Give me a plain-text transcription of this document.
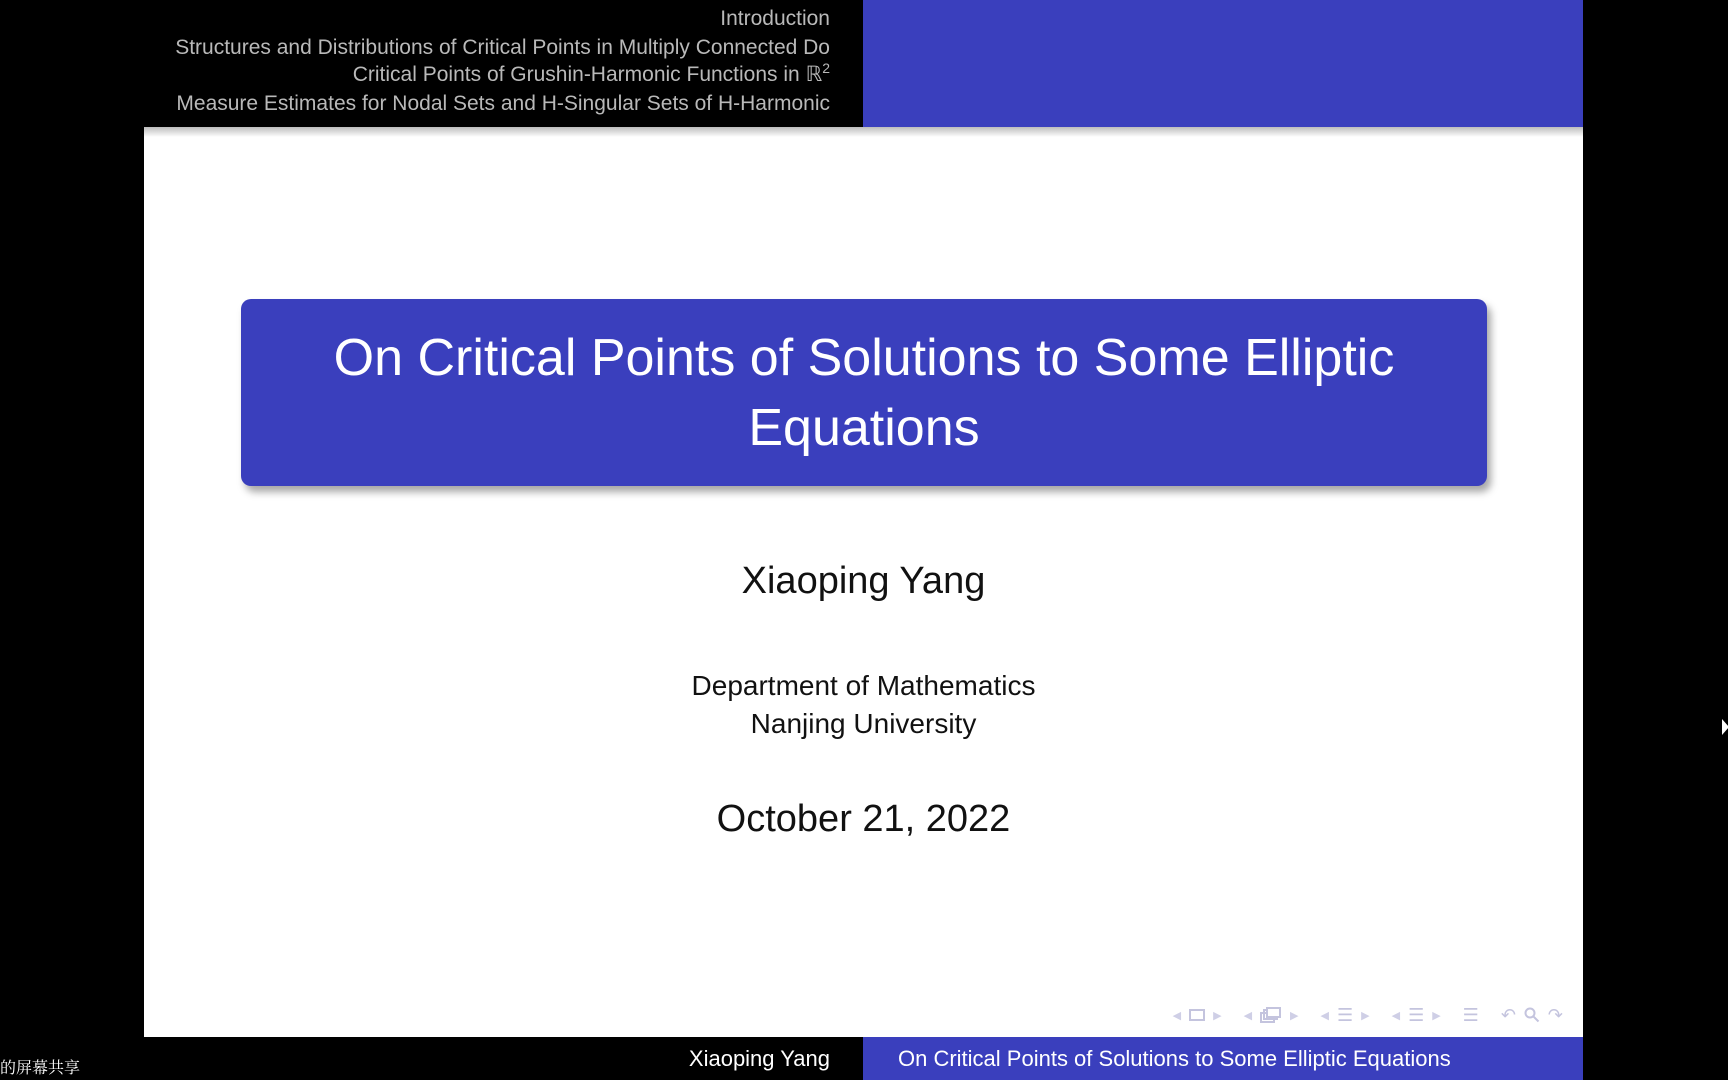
Introduction
Structures and Distributions of Critical Points in Multiply Connected Do
Critical Points of Grushin-Harmonic Functions in ℝ$^2$
Measure Estimates for Nodal Sets and H-Singular Sets of H-Harmonic
On Critical Points of Solutions to Some Elliptic Equations
Xiaoping Yang
Department of Mathematics
Nanjing University
October 21, 2022
◀	▶ ◀	▶ ◀ ☰ ▶ ◀ ☰ ▶ ☰ ↶ ↷
Xiaoping Yang	On Critical Points of Solutions to Some Elliptic Equations
的屏幕共享
